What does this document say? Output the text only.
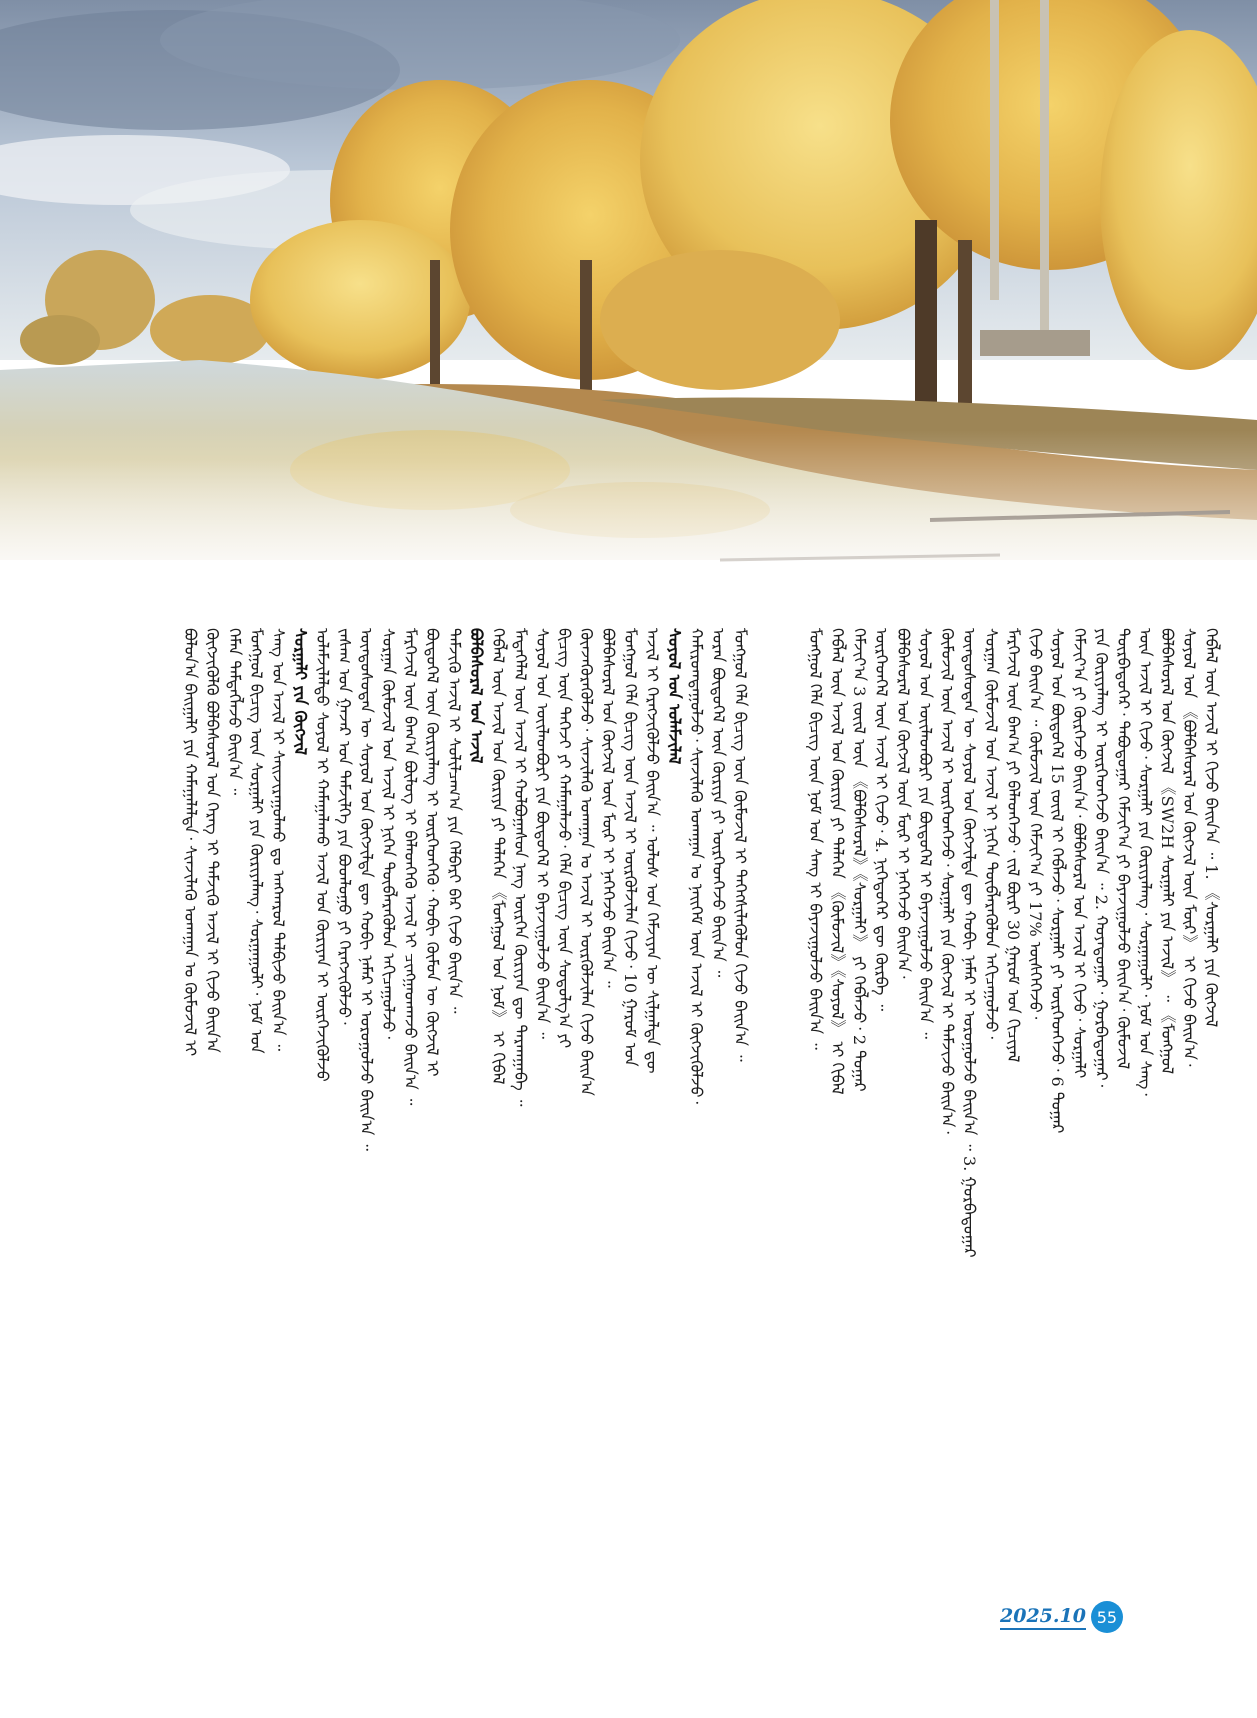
ᠪᠣᠯᠤᠨ᠎ᠠ ᠪᠠᠢᠭᠠᠯᠢ ᠶᠢᠨ ᠬᠠᠮᠠᠭᠠᠯᠠᠯᠲᠠ᠂ ᠰᠢᠨᠵᠢᠯᠡᠬᠦ ᠤᠬᠠᠭᠠᠨ ᠤ ᠬᠦᠮᠦᠵᠢᠯ ᠢ ᠬᠥᠭᠵᠢᠭᠦᠯᠬᠦ ᠪᠣᠯᠪᠠᠰᠤᠷᠠᠯ ᠤᠨ ᠬᠡᠷᠡᠭ ᠢ ᠳᠡᠮᠵᠢᠬᠦ ᠠᠵᠢᠯ ᠢ ᠬᠢᠵᠦ ᠪᠠᠢᠨ᠎ᠠ ᠬᠡᠮᠡᠨ ᠲᠡᠮᠳᠡᠭᠯᠡᠵᠦ ᠪᠠᠢᠨ᠎ᠠ ᠃ ᠮᠣᠩᠭᠣᠯ ᠪᠢᠴᠢᠭ ᠦᠨ ᠰᠤᠷᠭᠠᠯᠢ ᠶᠢᠨ ᠬᠦᠷᠢᠶᠡᠯᠡᠩ᠂ ᠰᠤᠷᠭᠠᠭᠤᠯᠢ᠂ ᠨᠣᠮ ᠤᠨ ᠰᠠᠩ ᠤᠨ ᠠᠵᠢᠯ ᠢ ᠰᠠᠢᠵᠢᠷᠠᠭᠤᠯᠬᠤ ᠳᠤ ᠠᠩᠬᠠᠷᠤᠯ ᠲᠠᠯᠪᠢᠵᠤ ᠪᠠᠢᠨ᠎ᠠ ᠃ ᠰᠤᠷᠭᠠᠯᠢ ᠶᠢᠨ ᠬᠥᠭᠵᠢᠯ ᠤᠯᠠᠮᠵᠢᠯᠠᠯᠲᠤ ᠰᠣᠶᠣᠯ ᠢ ᠬᠠᠮᠠᠭᠠᠯᠠᠬᠤ ᠠᠵᠢᠯ ᠤᠨ ᠬᠦᠷᠢᠶᠡᠨ ᠢ ᠦᠷᠭᠡᠵᠢᠭᠦᠯᠵᠦ ᠵᠠᠰᠠᠭ ᠤᠨ ᠭᠠᠵᠠᠷ ᠤᠨ ᠳᠡᠮᠵᠢᠯᠭᠡ ᠶᠢᠨ ᠪᠣᠳᠯᠣᠭᠣ ᠶᠢ ᠬᠡᠷᠡᠭᠵᠢᠭᠦᠯᠵᠦ᠂ ᠦᠨᠳᠦᠰᠦᠲᠡᠨ ᠦ ᠰᠣᠶᠣᠯ ᠤᠨ ᠬᠥᠭᠵᠢᠯᠲᠡ ᠳᠦ ᠬᠤᠪᠢ ᠨᠡᠮᠡᠷ ᠢ ᠣᠷᠣᠭᠤᠯᠵᠤ ᠪᠠᠢᠨ᠎ᠠ ᠃ ᠰᠤᠷᠭᠠᠨ ᠬᠦᠮᠦᠵᠢᠯ ᠤᠨ ᠠᠵᠢᠯ ᠢ ᠨᠢᠭᠡᠨ ᠲᠦᠪᠯᠡᠷᠡᠭᠦᠯᠦᠨ ᠠᠬᠢᠴᠠᠭᠤᠯᠵᠤ᠂ ᠮᠡᠷᠭᠡᠵᠢᠯ ᠦᠨ ᠪᠠᠭ᠎ᠠ ᠪᠦᠯᠦᠭ ᠢ ᠪᠡᠯᠡᠳᠬᠡᠬᠦ ᠠᠵᠢᠯ ᠢ ᠴᠢᠩᠭᠠᠳᠬᠠᠵᠤ ᠪᠠᠢᠨ᠎ᠠ ᠃ ᠪᠦᠲᠦᠭᠡᠯ ᠦᠨ ᠬᠦᠷᠢᠶᠡᠯᠡᠩ ᠢ ᠥᠷᠭᠡᠳᠬᠡᠬᠦ᠂ ᠬᠤᠪᠢ ᠬᠦᠮᠦᠨ ᠦ ᠬᠥᠭᠵᠢᠯ ᠢ ᠳᠡᠮᠵᠢᠬᠦ ᠠᠵᠢᠯ ᠢ ᠰᠣᠯᠢᠯᠴᠠᠭ᠎ᠠ ᠶᠢᠨ ᠬᠡᠯᠪᠡᠷᠢ ᠪᠡᠷ ᠬᠢᠵᠦ ᠪᠠᠢᠨ᠎ᠠ ᠃ ᠪᠣᠯᠪᠠᠰᠤᠷᠠᠯ ᠤᠨ ᠠᠵᠢᠯ ᠬᠡᠪᠯᠡᠯ ᠦᠨ ᠠᠵᠢᠯ ᠤᠨ ᠬᠦᠷᠢᠶᠡ ᠶᠢ ᠲᠡᠯᠡᠭᠡᠨ 《ᠮᠣᠩᠭᠣᠯ ᠤᠨ ᠨᠣᠮ》 ᠢ ᠬᠢᠪᠡᠯ ᠮᠡᠳᠡᠭᠡᠯᠡᠯ ᠦᠨ ᠠᠵᠢᠯ ᠢ ᠬᠣᠯᠪᠣᠭᠠᠰᠤᠨ ᠨᠡᠩ ᠥᠷᠭᠡᠨ ᠬᠦᠷᠢᠶᠡᠨ ᠳᠦ ᠲᠠᠷᠬᠠᠭᠠᠪᠠ ᠃ ᠰᠣᠶᠣᠯ ᠤᠨ ᠦᠢᠯᠡᠳᠪᠦᠷᠢ ᠶᠢᠨ ᠪᠦᠲᠦᠭᠡᠯ ᠢ ᠪᠠᠶᠠᠵᠢᠭᠤᠯᠵᠤ ᠪᠠᠢᠨ᠎ᠠ ᠃ ᠪᠢᠴᠢᠭ ᠦᠨ ᠳᠡᠭᠡᠵᠢ ᠶᠢ ᠬᠠᠮᠠᠭᠠᠯᠠᠵᠤ᠂ ᠬᠡᠯᠡ ᠪᠢᠴᠢᠭ ᠦᠨ ᠰᠤᠳᠤᠯᠭ᠎ᠠ ᠶᠢ ᠭᠦᠨᠵᠡᠭᠦᠷᠡᠭᠦᠯᠵᠦ᠂ ᠰᠢᠨᠵᠢᠯᠡᠬᠦ ᠤᠬᠠᠭᠠᠨ ᠤ ᠠᠵᠢᠯ ᠢ ᠦᠷᠭᠦᠯᠵᠢᠯᠡᠨ ᠬᠢᠵᠦ ᠪᠠᠢᠨ᠎ᠠ ᠪᠣᠯᠪᠠᠰᠤᠷᠠᠯ ᠤᠨ ᠬᠥᠭᠵᠢᠯ ᠦᠨ ᠮᠥᠷ ᠢ ᠨᠡᠭᠡᠭᠡᠵᠦ ᠪᠠᠢᠨ᠎ᠠ ᠃ ᠮᠣᠩᠭᠣᠯ ᠬᠡᠯᠡ ᠪᠢᠴᠢᠭ ᠦᠨ ᠠᠵᠢᠯ ᠢ ᠦᠷᠭᠦᠯᠵᠢᠯᠡᠨ ᠬᠢᠵᠦ᠂ 10 ᠭᠠᠷᠤᠮ ᠤᠨ ᠠᠵᠢᠯ ᠢ ᠬᠡᠷᠡᠭᠵᠢᠭᠦᠯᠵᠦ ᠪᠠᠢᠨ᠎ᠠ ᠃ ᠤᠯᠤᠰ ᠤᠨ ᠬᠡᠮᠵᠢᠶᠡᠨ ᠦ ᠰᠢᠯᠭᠠᠯᠲᠠ ᠳᠦ ᠰᠣᠶᠣᠯ ᠤᠨ ᠤᠯᠠᠮᠵᠢᠯᠠᠯ ᠬᠠᠮᠢᠷᠤᠭᠳᠠᠭᠤᠯᠵᠤ᠂ ᠰᠢᠨᠵᠢᠯᠡᠬᠦ ᠤᠬᠠᠭᠠᠨ ᠤ ᠨᠡᠢᠭᠡᠮ ᠦᠨ ᠠᠵᠢᠯ ᠢ ᠬᠥᠭᠵᠢᠭᠦᠯᠵᠦ᠂ ᠤᠷᠠᠨ ᠪᠦᠲᠦᠭᠡᠯ ᠦᠨ ᠬᠦᠷᠢᠶᠡ ᠶᠢ ᠥᠷᠭᠡᠳᠬᠡᠵᠦ ᠪᠠᠢᠨ᠎ᠠ ᠃ ᠮᠣᠩᠭᠣᠯ ᠬᠡᠯᠡ ᠪᠢᠴᠢᠭ ᠦᠨ ᠬᠥᠮᠦᠵᠢᠯ ᠢ ᠳᠡᠭᠡᠭᠰᠢᠯᠡᠭᠦᠯᠦᠨ ᠬᠢᠵᠦ ᠪᠠᠢᠨ᠎ᠠ ᠃	ᠮᠣᠩᠭᠣᠯ ᠬᠡᠯᠡ ᠪᠢᠴᠢᠭ ᠦᠨ ᠨᠣᠮ ᠤᠨ ᠰᠠᠩ ᠢ ᠪᠠᠶᠠᠵᠢᠭᠤᠯᠵᠤ ᠪᠠᠢᠨ᠎ᠠ ᠃ ᠬᠡᠪᠯᠡᠯ ᠦᠨ ᠠᠵᠢᠯ ᠤᠨ ᠬᠦᠷᠢᠶᠡ ᠶᠢ ᠲᠡᠯᠡᠭᠡᠨ 《ᠬᠦᠮᠦᠵᠢᠯ》《ᠰᠣᠶᠣᠯ》 ᠢ ᠬᠢᠪᠡᠯ ᠬᠡᠮᠵᠢᠶ᠎ᠠ 3 ᠵᠦᠢᠯ ᠦᠨ 《ᠪᠣᠯᠪᠠᠰᠤᠷᠠᠯ》《ᠰᠤᠷᠭᠠᠯᠢ》 ᠶᠢ ᠬᠡᠪᠯᠡᠵᠦ᠂ 2 ᠳᠤᠭᠠᠷ ᠥᠷᠭᠡᠳᠬᠡᠯ ᠦᠨ ᠠᠵᠢᠯ ᠢ ᠬᠢᠵᠦ᠂ 4. ᠨᠢᠭᠡᠳᠦᠭᠡᠷ ᠳᠦ ᠬᠦᠷᠪᠡ ᠃ ᠪᠣᠯᠪᠠᠰᠤᠷᠠᠯ ᠤᠨ ᠬᠥᠭᠵᠢᠯ ᠦᠨ ᠮᠥᠷ ᠢ ᠨᠡᠭᠡᠭᠡᠵᠦ ᠪᠠᠢᠨ᠎ᠠ᠂ ᠰᠣᠶᠣᠯ ᠤᠨ ᠦᠢᠯᠡᠳᠪᠦᠷᠢ ᠶᠢᠨ ᠪᠦᠲᠦᠭᠡᠯ ᠢ ᠪᠠᠶᠠᠵᠢᠭᠤᠯᠵᠤ ᠪᠠᠢᠨ᠎ᠠ ᠃ ᠬᠦᠮᠦᠵᠢᠯ ᠦᠨ ᠠᠵᠢᠯ ᠢ ᠥᠷᠭᠡᠳᠬᠡᠵᠦ᠂ ᠰᠤᠷᠭᠠᠯᠢ ᠶᠢᠨ ᠬᠥᠭᠵᠢᠯ ᠢ ᠳᠡᠮᠵᠢᠵᠦ ᠪᠠᠢᠨ᠎ᠠ᠂ ᠦᠨᠳᠦᠰᠦᠲᠡᠨ ᠦ ᠰᠣᠶᠣᠯ ᠤᠨ ᠬᠥᠭᠵᠢᠯᠲᠡ ᠳᠦ ᠬᠤᠪᠢ ᠨᠡᠮᠡᠷ ᠢ ᠣᠷᠣᠭᠤᠯᠵᠤ ᠪᠠᠢᠨ᠎ᠠ ᠃ 3. ᠭᠤᠷᠪᠠᠳᠤᠭᠠᠷ ᠰᠤᠷᠭᠠᠨ ᠬᠦᠮᠦᠵᠢᠯ ᠤᠨ ᠠᠵᠢᠯ ᠢ ᠨᠢᠭᠡᠨ ᠲᠦᠪᠯᠡᠷᠡᠭᠦᠯᠦᠨ ᠠᠬᠢᠴᠠᠭᠤᠯᠵᠤ᠂ ᠮᠡᠷᠭᠡᠵᠢᠯ ᠦᠨ ᠪᠠᠭ᠎ᠠ ᠶᠢ ᠪᠡᠯᠡᠳᠬᠡᠵᠦ᠂ ᠵᠢᠯ ᠪᠦᠷᠢ 30 ᠭᠠᠷᠤᠮ ᠤᠨ ᠬᠢᠴᠢᠶᠡᠯ ᠬᠢᠵᠦ ᠪᠠᠢᠨ᠎ᠠ ᠃ ᠬᠦᠮᠦᠵᠢᠯ ᠦᠨ ᠬᠡᠮᠵᠢᠶ᠎ᠠ ᠶᠢ 17% ᠥᠰᠭᠡᠭᠡᠵᠦ᠂ ᠰᠣᠶᠣᠯ ᠤᠨ ᠪᠦᠲᠦᠭᠡᠯ 15 ᠵᠦᠢᠯ ᠢ ᠬᠡᠪᠯᠡᠵᠦ᠂ ᠰᠤᠷᠭᠠᠯᠢ ᠶᠢ ᠥᠷᠭᠡᠳᠬᠡᠵᠦ᠂ 6 ᠳᠤᠭᠠᠷ ᠬᠡᠮᠵᠢᠶ᠎ᠠ ᠶᠢ ᠬᠦᠷᠭᠡᠵᠦ ᠪᠠᠢᠨ᠎ᠠ᠂ ᠪᠣᠯᠪᠠᠰᠤᠷᠠᠯ ᠤᠨ ᠠᠵᠢᠯ ᠢ ᠬᠢᠵᠦ᠂ ᠰᠤᠷᠭᠠᠯᠢ ᠶᠢᠨ ᠬᠦᠷᠢᠶᠡᠯᠡᠩ ᠢ ᠥᠷᠭᠡᠳᠬᠡᠵᠦ ᠪᠠᠢᠨ᠎ᠠ ᠃ 2. ᠬᠣᠶᠠᠳᠤᠭᠠᠷ᠂ ᠭᠤᠷᠪᠠᠳᠤᠭᠠᠷ᠂ ᠳᠥᠷᠪᠡᠳᠦᠭᠡᠷ᠂ ᠲᠠᠪᠤᠳᠤᠭᠠᠷ ᠬᠡᠮᠵᠢᠶ᠎ᠠ ᠶᠢ ᠪᠠᠶᠠᠵᠢᠭᠤᠯᠵᠤ ᠪᠠᠢᠨ᠎ᠠ᠂ ᠬᠦᠮᠦᠵᠢᠯ ᠦᠨ ᠠᠵᠢᠯ ᠢ ᠬᠢᠵᠦ᠂ ᠰᠤᠷᠭᠠᠯᠢ ᠶᠢᠨ ᠬᠦᠷᠢᠶᠡᠯᠡᠩ᠂ ᠰᠤᠷᠭᠠᠭᠤᠯᠢ᠂ ᠨᠣᠮ ᠤᠨ ᠰᠠᠩ᠂ ᠪᠣᠯᠪᠠᠰᠤᠷᠠᠯ ᠤᠨ ᠬᠥᠭᠵᠢᠯ 《SW2H ᠰᠤᠷᠭᠠᠯᠢ ᠶᠢᠨ ᠠᠵᠢᠯ》 ᠃ 《ᠮᠣᠩᠭᠣᠯ ᠰᠣᠶᠣᠯ ᠤᠨ 《ᠪᠣᠯᠪᠠᠰᠤᠷᠠᠯ ᠤᠨ ᠬᠥᠭᠵᠢᠯ ᠦᠨ ᠮᠥᠷ》 ᠢ ᠬᠢᠵᠦ ᠪᠠᠢᠨ᠎ᠠ᠂ ᠬᠡᠪᠯᠡᠯ ᠦᠨ ᠠᠵᠢᠯ ᠢ ᠬᠢᠵᠦ ᠪᠠᠢᠨ᠎ᠠ ᠃ 1. 《ᠰᠤᠷᠭᠠᠯᠢ ᠶᠢᠨ ᠬᠥᠭᠵᠢᠯ
2025.10 55
